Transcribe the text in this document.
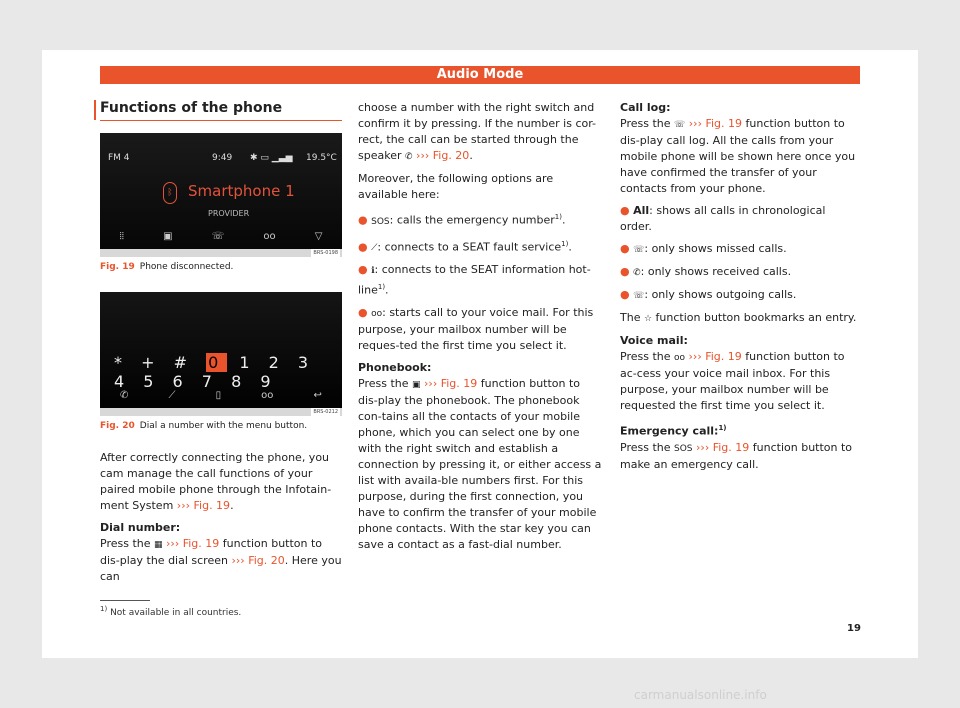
Audio Mode
Functions of the phone
FM 4	9:49 ✱ ▭ ▁▃▅ 19.5°C
ᛒ Smartphone 1
PROVIDER
⦙⦙	▣	☏	oo	▽
BRS-0198
Fig. 19 Phone disconnected.
* + # 0 1 2 3 4 5 6 7 8 9
✆	⟋	▯	oo	↩
BRS-0212
Fig. 20 Dial a number with the menu button.

After correctly connecting the phone, you cam manage the call functions of your paired mobile phone through the Infotain-ment System ››› Fig. 19.

Dial number:

Press the ▦ ››› Fig. 19 function button to dis-play the dial screen ››› Fig. 20. Here you can

choose a number with the right switch and confirm it by pressing. If the number is cor-rect, the call can be started through the speaker ✆ ››› Fig. 20.

Moreover, the following options are available here:

● SOS: calls the emergency number$^{1)}$.

● ⟋: connects to a SEAT fault service$^{1)}$.

● ℹ: connects to the SEAT information hot-line$^{1)}$.

● oo: starts call to your voice mail. For this purpose, your mailbox number will be reques-ted the first time you select it.

Phonebook:

Press the ▣ ››› Fig. 19 function button to dis-play the phonebook. The phonebook con-tains all the contacts of your mobile phone, which you can select one by one with the right switch and establish a connection by pressing it, or either access a list with availa-ble numbers first. For this purpose, during the first connection, you have to confirm the transfer of your mobile phone contacts. With the star key you can save a contact as a fast-dial number.

Call log:

Press the ☏ ››› Fig. 19 function button to dis-play call log. All the calls from your mobile phone will be shown here once you have confirmed the transfer of your contacts from your phone.

● All: shows all calls in chronological order.

● ☏: only shows missed calls.

● ✆: only shows received calls.

● ☏: only shows outgoing calls.

The ☆ function button bookmarks an entry.

Voice mail:

Press the oo ››› Fig. 19 function button to ac-cess your voice mail inbox. For this purpose, your mailbox number will be requested the first time you select it.

Emergency call:$^{1)}$

Press the SOS ››› Fig. 19 function button to make an emergency call.

$^{1)}$ Not available in all countries.
19
carmanualsonline.info
